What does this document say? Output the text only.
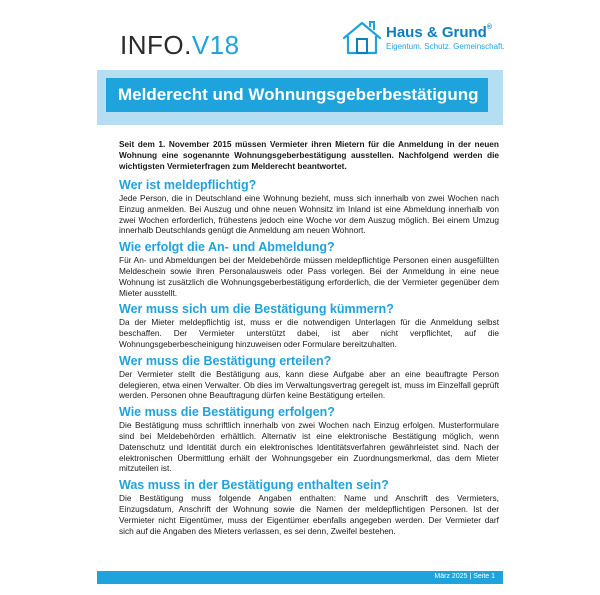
INFO.V18	Haus & Grund®
Eigentum. Schutz. Gemeinschaft.
Melderecht und Wohnungsgeberbestätigung

Seit dem 1. November 2015 müssen Vermieter ihren Mietern für die Anmeldung in der neuen Wohnung eine sogenannte Wohnungsgeberbestätigung ausstellen. Nachfolgend werden die wichtigsten Vermieterfragen zum Melderecht beantwortet.

Wer ist meldepflichtig?

Jede Person, die in Deutschland eine Wohnung bezieht, muss sich innerhalb von zwei Wochen nach Einzug anmelden. Bei Auszug und ohne neuen Wohnsitz im Inland ist eine Abmeldung innerhalb von zwei Wochen erforderlich, frühestens jedoch eine Woche vor dem Auszug möglich. Bei einem Umzug innerhalb Deutschlands genügt die Anmeldung am neuen Wohnort.

Wie erfolgt die An- und Abmeldung?

Für An- und Abmeldungen bei der Meldebehörde müssen meldepflichtige Personen einen ausgefüllten Meldeschein sowie ihren Personalausweis oder Pass vorlegen. Bei der Anmeldung in eine neue Wohnung ist zusätzlich die Wohnungsgeberbestätigung erforderlich, die der Vermieter gegenüber dem Mieter ausstellt.

Wer muss sich um die Bestätigung kümmern?

Da der Mieter meldepflichtig ist, muss er die notwendigen Unterlagen für die Anmeldung selbst beschaffen. Der Vermieter unterstützt dabei, ist aber nicht verpflichtet, auf die Wohnungsgeberbescheinigung hinzuweisen oder Formulare bereitzuhalten.

Wer muss die Bestätigung erteilen?

Der Vermieter stellt die Bestätigung aus, kann diese Aufgabe aber an eine beauftragte Person delegieren, etwa einen Verwalter. Ob dies im Verwaltungsvertrag geregelt ist, muss im Einzelfall geprüft werden. Personen ohne Beauftragung dürfen keine Bestätigung erteilen.

Wie muss die Bestätigung erfolgen?

Die Bestätigung muss schriftlich innerhalb von zwei Wochen nach Einzug erfolgen. Musterformulare sind bei Meldebehörden erhältlich. Alternativ ist eine elektronische Bestätigung möglich, wenn Datenschutz und Identität durch ein elektronisches Identitätsverfahren gewährleistet sind. Nach der elektronischen Übermittlung erhält der Wohnungsgeber ein Zuordnungsmerkmal, das dem Mieter mitzuteilen ist.

Was muss in der Bestätigung enthalten sein?

Die Bestätigung muss folgende Angaben enthalten: Name und Anschrift des Vermieters, Einzugsdatum, Anschrift der Wohnung sowie die Namen der meldepflichtigen Personen. Ist der Vermieter nicht Eigentümer, muss der Eigentümer ebenfalls angegeben werden. Der Vermieter darf sich auf die Angaben des Mieters verlassen, es sei denn, Zweifel bestehen.

März 2025 | Seite 1
